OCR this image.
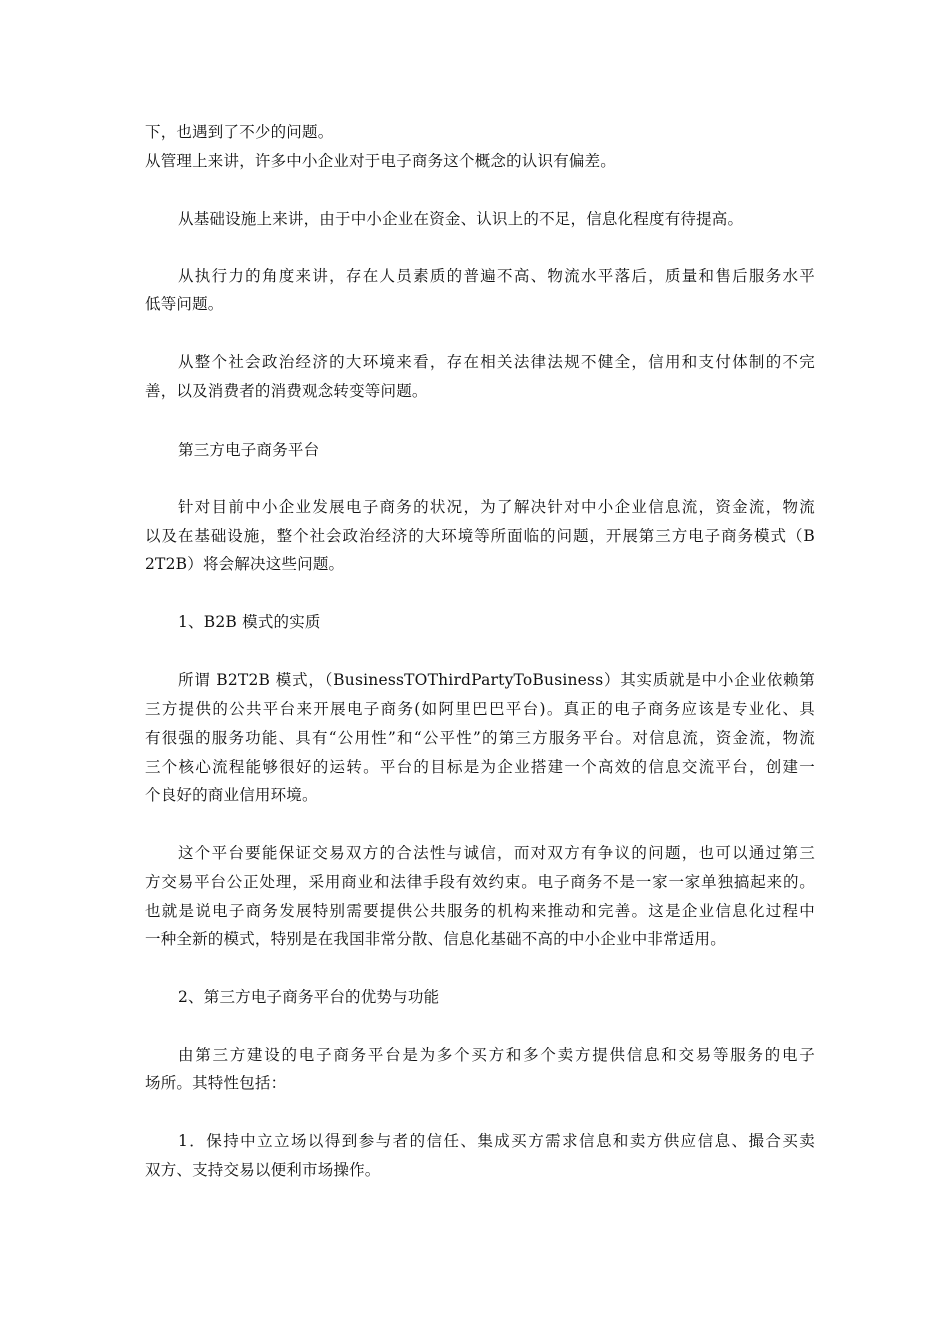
下，也遇到了不少的问题。
从管理上来讲，许多中小企业对于电子商务这个概念的认识有偏差。
从基础设施上来讲，由于中小企业在资金、认识上的不足，信息化程度有待提高。
从执行力的角度来讲，存在人员素质的普遍不高、物流水平落后，质量和售后服务水平
低等问题。
从整个社会政治经济的大环境来看，存在相关法律法规不健全，信用和支付体制的不完
善，以及消费者的消费观念转变等问题。
第三方电子商务平台
针对目前中小企业发展电子商务的状况，为了解决针对中小企业信息流，资金流，物流
以及在基础设施，整个社会政治经济的大环境等所面临的问题，开展第三方电子商务模式（B
2T2B）将会解决这些问题。
1、B2B 模式的实质
所谓 B2T2B 模式，（BusinessTOThirdPartyToBusiness）其实质就是中小企业依赖第
三方提供的公共平台来开展电子商务(如阿里巴巴平台)。真正的电子商务应该是专业化、具
有很强的服务功能、具有“公用性”和“公平性”的第三方服务平台。对信息流，资金流，物流
三个核心流程能够很好的运转。平台的目标是为企业搭建一个高效的信息交流平台，创建一
个良好的商业信用环境。
这个平台要能保证交易双方的合法性与诚信，而对双方有争议的问题，也可以通过第三
方交易平台公正处理，采用商业和法律手段有效约束。电子商务不是一家一家单独搞起来的。
也就是说电子商务发展特别需要提供公共服务的机构来推动和完善。这是企业信息化过程中
一种全新的模式，特别是在我国非常分散、信息化基础不高的中小企业中非常适用。
2、第三方电子商务平台的优势与功能
由第三方建设的电子商务平台是为多个买方和多个卖方提供信息和交易等服务的电子
场所。其特性包括：
1．保持中立立场以得到参与者的信任、集成买方需求信息和卖方供应信息、撮合买卖
双方、支持交易以便利市场操作。
